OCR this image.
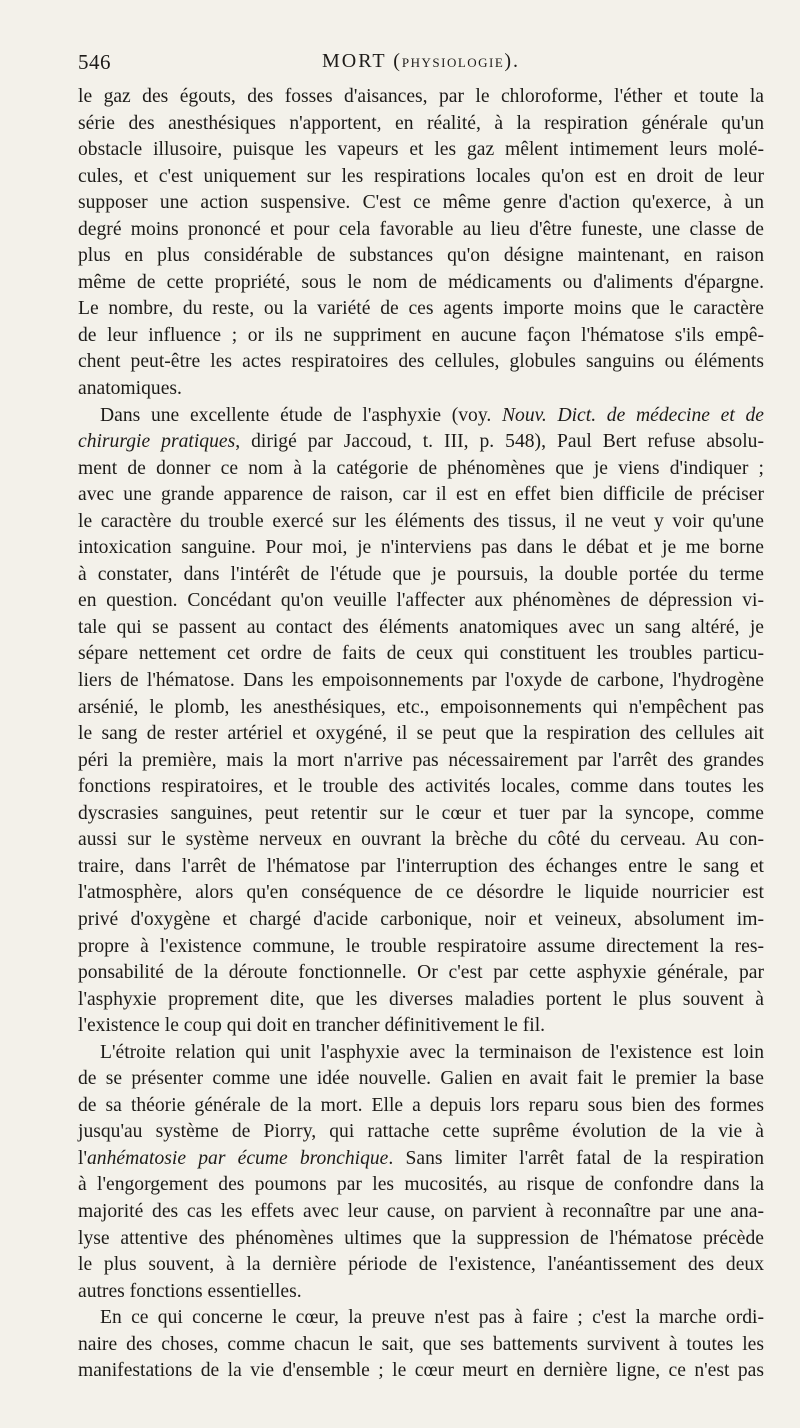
546	MORT (PHYSIOLOGIE).
le gaz des égouts, des fosses d'aisances, par le chloroforme, l'éther et toute la
série des anesthésiques n'apportent, en réalité, à la respiration générale qu'un
obstacle illusoire, puisque les vapeurs et les gaz mêlent intimement leurs molé-
cules, et c'est uniquement sur les respirations locales qu'on est en droit de leur
supposer une action suspensive. C'est ce même genre d'action qu'exerce, à un
degré moins prononcé et pour cela favorable au lieu d'être funeste, une classe de
plus en plus considérable de substances qu'on désigne maintenant, en raison
même de cette propriété, sous le nom de médicaments ou d'aliments d'épargne.
Le nombre, du reste, ou la variété de ces agents importe moins que le caractère
de leur influence ; or ils ne suppriment en aucune façon l'hématose s'ils empê-
chent peut-être les actes respiratoires des cellules, globules sanguins ou éléments
anatomiques.
Dans une excellente étude de l'asphyxie (voy. Nouv. Dict. de médecine et de
chirurgie pratiques, dirigé par Jaccoud, t. III, p. 548), Paul Bert refuse absolu-
ment de donner ce nom à la catégorie de phénomènes que je viens d'indiquer ;
avec une grande apparence de raison, car il est en effet bien difficile de préciser
le caractère du trouble exercé sur les éléments des tissus, il ne veut y voir qu'une
intoxication sanguine. Pour moi, je n'interviens pas dans le débat et je me borne
à constater, dans l'intérêt de l'étude que je poursuis, la double portée du terme
en question. Concédant qu'on veuille l'affecter aux phénomènes de dépression vi-
tale qui se passent au contact des éléments anatomiques avec un sang altéré, je
sépare nettement cet ordre de faits de ceux qui constituent les troubles particu-
liers de l'hématose. Dans les empoisonnements par l'oxyde de carbone, l'hydrogène
arsénié, le plomb, les anesthésiques, etc., empoisonnements qui n'empêchent pas
le sang de rester artériel et oxygéné, il se peut que la respiration des cellules ait
péri la première, mais la mort n'arrive pas nécessairement par l'arrêt des grandes
fonctions respiratoires, et le trouble des activités locales, comme dans toutes les
dyscrasies sanguines, peut retentir sur le cœur et tuer par la syncope, comme
aussi sur le système nerveux en ouvrant la brèche du côté du cerveau. Au con-
traire, dans l'arrêt de l'hématose par l'interruption des échanges entre le sang et
l'atmosphère, alors qu'en conséquence de ce désordre le liquide nourricier est
privé d'oxygène et chargé d'acide carbonique, noir et veineux, absolument im-
propre à l'existence commune, le trouble respiratoire assume directement la res-
ponsabilité de la déroute fonctionnelle. Or c'est par cette asphyxie générale, par
l'asphyxie proprement dite, que les diverses maladies portent le plus souvent à
l'existence le coup qui doit en trancher définitivement le fil.
L'étroite relation qui unit l'asphyxie avec la terminaison de l'existence est loin
de se présenter comme une idée nouvelle. Galien en avait fait le premier la base
de sa théorie générale de la mort. Elle a depuis lors reparu sous bien des formes
jusqu'au système de Piorry, qui rattache cette suprême évolution de la vie à
l'anhématosie par écume bronchique. Sans limiter l'arrêt fatal de la respiration
à l'engorgement des poumons par les mucosités, au risque de confondre dans la
majorité des cas les effets avec leur cause, on parvient à reconnaître par une ana-
lyse attentive des phénomènes ultimes que la suppression de l'hématose précède
le plus souvent, à la dernière période de l'existence, l'anéantissement des deux
autres fonctions essentielles.
En ce qui concerne le cœur, la preuve n'est pas à faire ; c'est la marche ordi-
naire des choses, comme chacun le sait, que ses battements survivent à toutes les
manifestations de la vie d'ensemble ; le cœur meurt en dernière ligne, ce n'est pas
